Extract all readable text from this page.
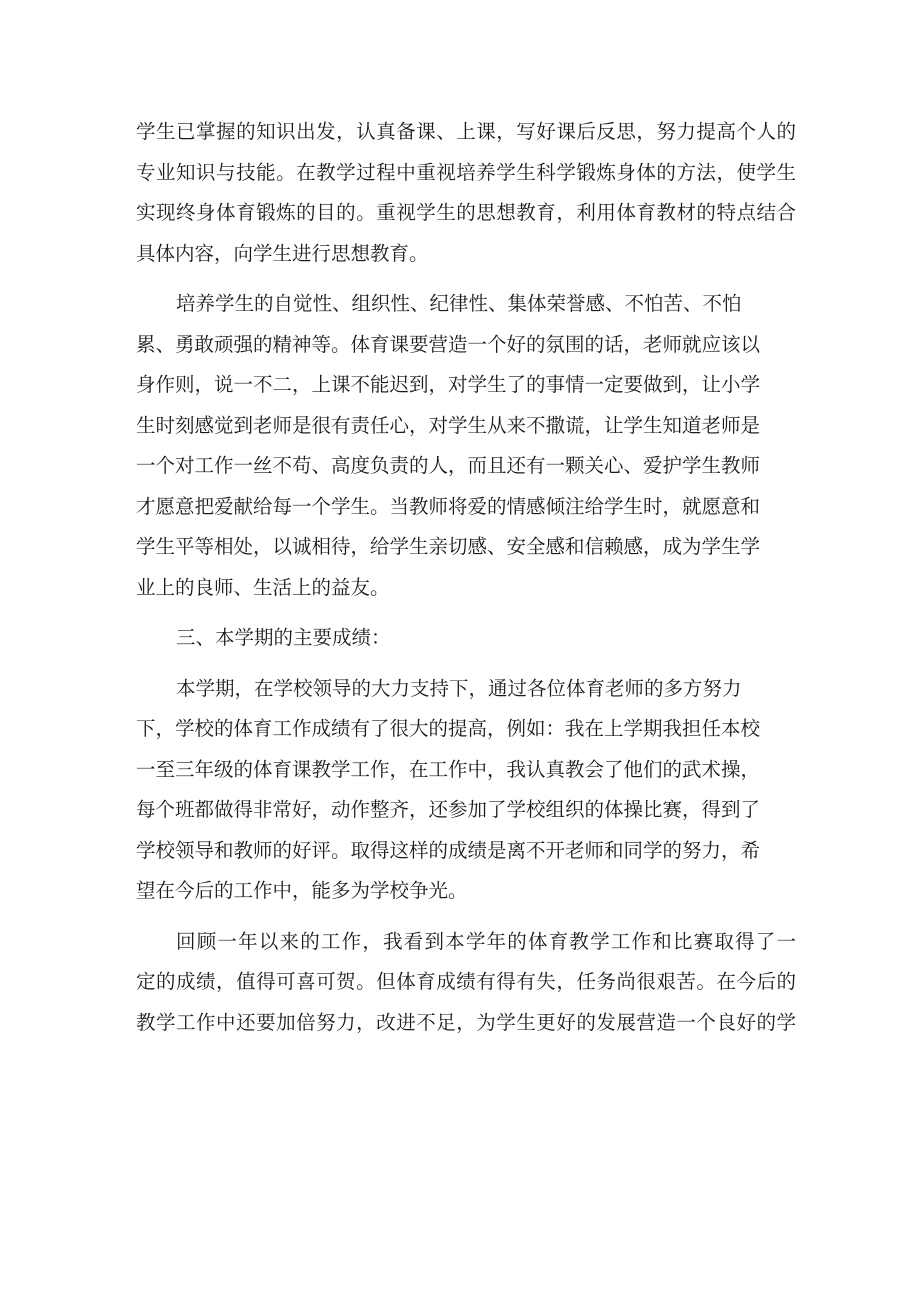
学生已掌握的知识出发，认真备课、上课，写好课后反思，努力提高个人的
专业知识与技能。在教学过程中重视培养学生科学锻炼身体的方法，使学生
实现终身体育锻炼的目的。重视学生的思想教育，利用体育教材的特点结合
具体内容，向学生进行思想教育。
培养学生的自觉性、组织性、纪律性、集体荣誉感、不怕苦、不怕
累、勇敢顽强的精神等。体育课要营造一个好的氛围的话，老师就应该以
身作则，说一不二，上课不能迟到，对学生了的事情一定要做到，让小学
生时刻感觉到老师是很有责任心，对学生从来不撒谎，让学生知道老师是
一个对工作一丝不苟、高度负责的人，而且还有一颗关心、爱护学生教师
才愿意把爱献给每一个学生。当教师将爱的情感倾注给学生时，就愿意和
学生平等相处，以诚相待，给学生亲切感、安全感和信赖感，成为学生学
业上的良师、生活上的益友。
三、本学期的主要成绩：
本学期，在学校领导的大力支持下，通过各位体育老师的多方努力
下，学校的体育工作成绩有了很大的提高，例如：我在上学期我担任本校
一至三年级的体育课教学工作，在工作中，我认真教会了他们的武术操，
每个班都做得非常好，动作整齐，还参加了学校组织的体操比赛，得到了
学校领导和教师的好评。取得这样的成绩是离不开老师和同学的努力，希
望在今后的工作中，能多为学校争光。
回顾一年以来的工作，我看到本学年的体育教学工作和比赛取得了一
定的成绩，值得可喜可贺。但体育成绩有得有失，任务尚很艰苦。在今后的
教学工作中还要加倍努力，改进不足，为学生更好的发展营造一个良好的学
